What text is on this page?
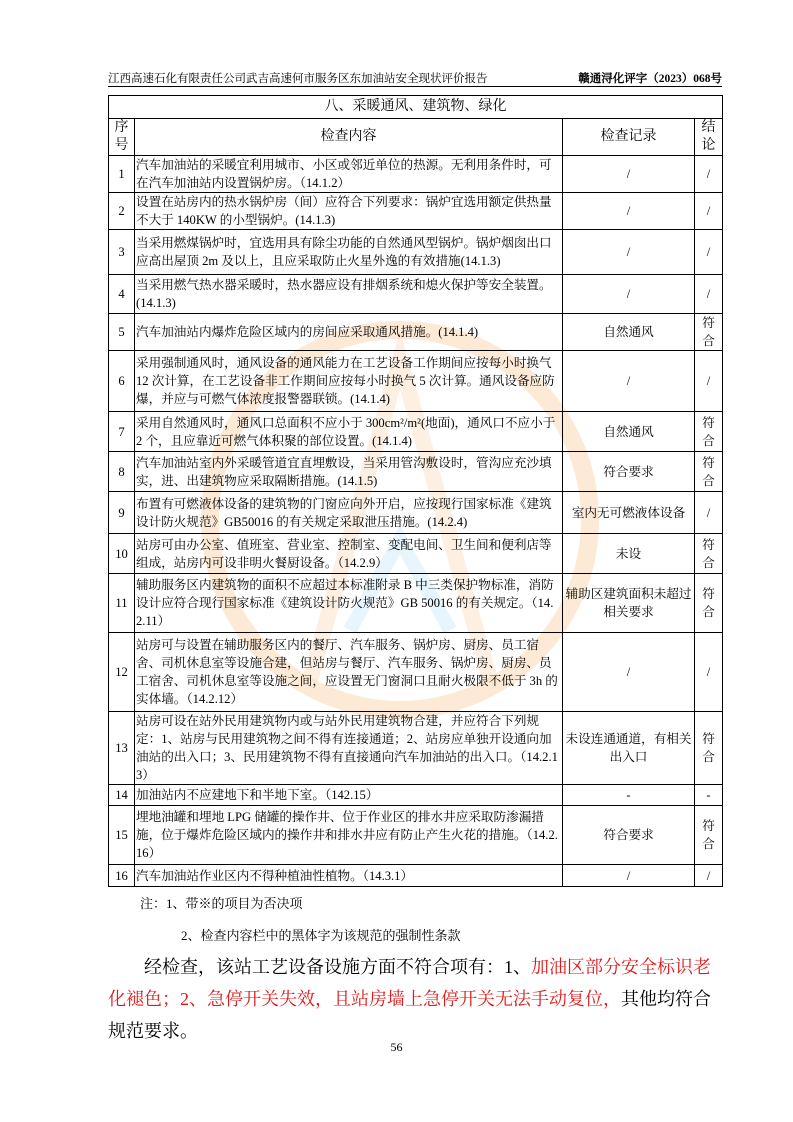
江西高速石化有限责任公司武吉高速何市服务区东加油站安全现状评价报告	赣通浔化评字（2023）068号
八、采暖通风、建筑物、绿化			
序号	检查内容	检查记录	结论
1	汽车加油站的采暖宜利用城市、小区或邻近单位的热源。无利用条件时，可在汽车加油站内设置锅炉房。（14.1.2）	/	/
2	设置在站房内的热水锅炉房（间）应符合下列要求：锅炉宜选用额定供热量不大于 140KW 的小型锅炉。(14.1.3)	/	/
3	当采用燃煤锅炉时，宜选用具有除尘功能的自然通风型锅炉。锅炉烟囱出口应高出屋顶 2m 及以上，且应采取防止火星外逸的有效措施(14.1.3)	/	/
4	当采用燃气热水器采暖时，热水器应设有排烟系统和熄火保护等安全装置。(14.1.3)	/	/
5	汽车加油站内爆炸危险区域内的房间应采取通风措施。(14.1.4)	自然通风	符合
6	采用强制通风时，通风设备的通风能力在工艺设备工作期间应按每小时换气 12 次计算，在工艺设备非工作期间应按每小时换气 5 次计算。通风设备应防爆，并应与可燃气体浓度报警器联锁。(14.1.4)	/	/
7	采用自然通风时，通风口总面积不应小于 300cm²/m²(地面)，通风口不应小于 2 个，且应靠近可燃气体积聚的部位设置。(14.1.4)	自然通风	符合
8	汽车加油站室内外采暖管道宜直埋敷设，当采用管沟敷设时，管沟应充沙填实，进、出建筑物应采取隔断措施。(14.1.5)	符合要求	符合
9	布置有可燃液体设备的建筑物的门窗应向外开启，应按现行国家标准《建筑设计防火规范》GB50016 的有关规定采取泄压措施。(14.2.4)	室内无可燃液体设备	/
10	站房可由办公室、值班室、营业室、控制室、变配电间、卫生间和便利店等组成，站房内可设非明火餐厨设备。（14.2.9）	未设	符合
11	辅助服务区内建筑物的面积不应超过本标准附录 B 中三类保护物标准，消防设计应符合现行国家标准《建筑设计防火规范》GB 50016 的有关规定。（14.2.11）	辅助区建筑面积未超过相关要求	符合
12	站房可与设置在辅助服务区内的餐厅、汽车服务、锅炉房、厨房、员工宿舍、司机休息室等设施合建，但站房与餐厅、汽车服务、锅炉房、厨房、员工宿舍、司机休息室等设施之间，应设置无门窗洞口且耐火极限不低于 3h 的实体墙。（14.2.12）	/	/
13	站房可设在站外民用建筑物内或与站外民用建筑物合建，并应符合下列规定：1、站房与民用建筑物之间不得有连接通道；2、站房应单独开设通向加油站的出入口；3、民用建筑物不得有直接通向汽车加油站的出入口。（14.2.13）	未设连通通道，有相关出入口	符合
14	加油站内不应建地下和半地下室。（142.15）	-	-
15	埋地油罐和埋地 LPG 储罐的操作井、位于作业区的排水井应采取防渗漏措施，位于爆炸危险区域内的操作井和排水井应有防止产生火花的措施。（14.2.16）	符合要求	符合
16	汽车加油站作业区内不得种植油性植物。（14.3.1）	/	/
注：1、带※的项目为否决项
2、检查内容栏中的黑体字为该规范的强制性条款
经检查，该站工艺设备设施方面不符合项有：1、加油区部分安全标识老化褪色；2、急停开关失效，且站房墙上急停开关无法手动复位，其他均符合规范要求。
56
